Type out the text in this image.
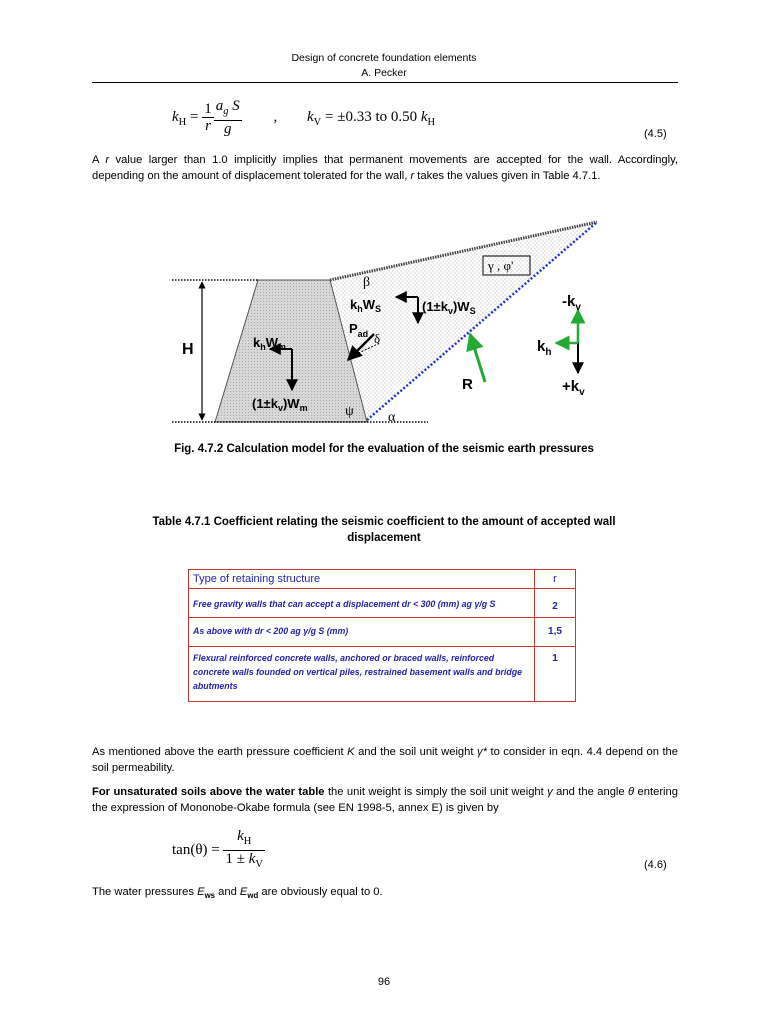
Design of concrete foundation elements
A. Pecker
$k_H = \frac{1}{r} \frac{a_g S}{g}$ , $k_V = \pm 0.33$ to 0.50 $k_H$
(4.5)
A r value larger than 1.0 implicitly implies that permanent movements are accepted for the wall. Accordingly, depending on the amount of displacement tolerated for the wall, r takes the values given in Table 4.7.1.
H
γ , φ'
β
$k_hW_S$	$(1\pm k_v)W_S$
$P_{ad}$ δ
$k_hW_m$
$(1\pm k_v)W_m$	ψ α
R
$-k_v$
$k_h$
$+k_v$
Fig. 4.7.2 Calculation model for the evaluation of the seismic earth pressures
Table 4.7.1 Coefficient relating the seismic coefficient to the amount of accepted wall
displacement
Type of retaining structure	r
Free gravity walls that can accept a displacement dr < 300 (mm) ag γ/g S	2
As above with dr < 200 ag γ/g S (mm)	1,5
Flexural reinforced concrete walls, anchored or braced walls, reinforced concrete walls founded on vertical piles, restrained basement walls and bridge abutments	1
As mentioned above the earth pressure coefficient K and the soil unit weight γ* to consider in eqn. 4.4 depend on the soil permeability.
For unsaturated soils above the water table the unit weight is simply the soil unit weight γ and the angle θ entering the expression of Mononobe-Okabe formula (see EN 1998-5, annex E) is given by
$\tan(\theta) = \frac{k_H}{1 \pm k_V}$	(4.6)
The water pressures $E_{ws}$ and $E_{wd}$ are obviously equal to 0.
96
